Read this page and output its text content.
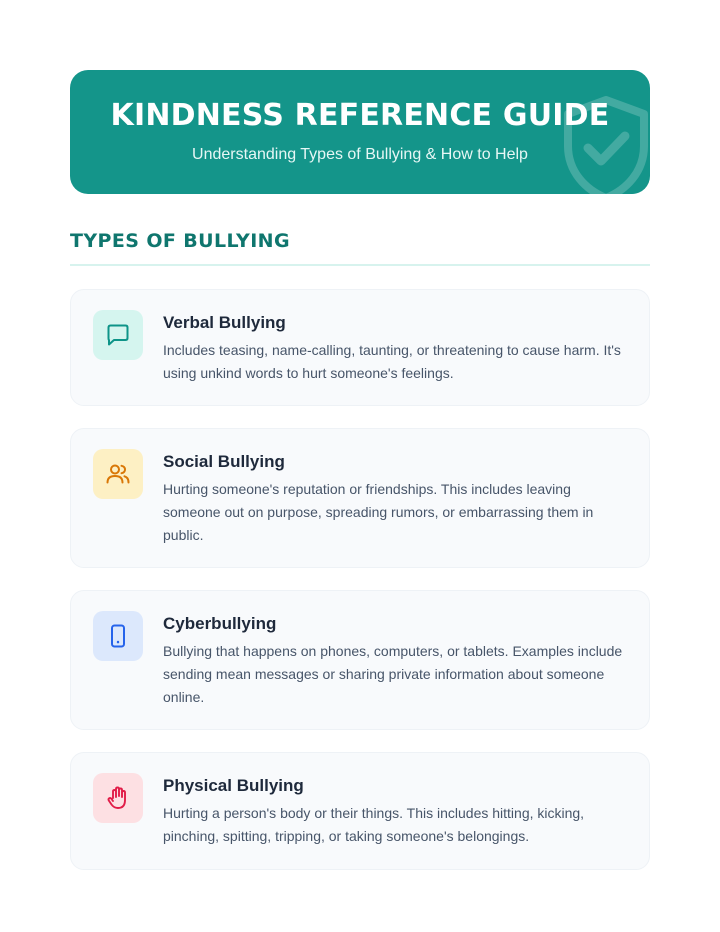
KINDNESS REFERENCE GUIDE
Understanding Types of Bullying & How to Help
TYPES OF BULLYING
Verbal Bullying
Includes teasing, name-calling, taunting, or threatening to cause harm. It's using unkind words to hurt someone's feelings.
Social Bullying
Hurting someone's reputation or friendships. This includes leaving someone out on purpose, spreading rumors, or embarrassing them in public.
Cyberbullying
Bullying that happens on phones, computers, or tablets. Examples include sending mean messages or sharing private information about someone online.
Physical Bullying
Hurting a person's body or their things. This includes hitting, kicking, pinching, spitting, tripping, or taking someone's belongings.
